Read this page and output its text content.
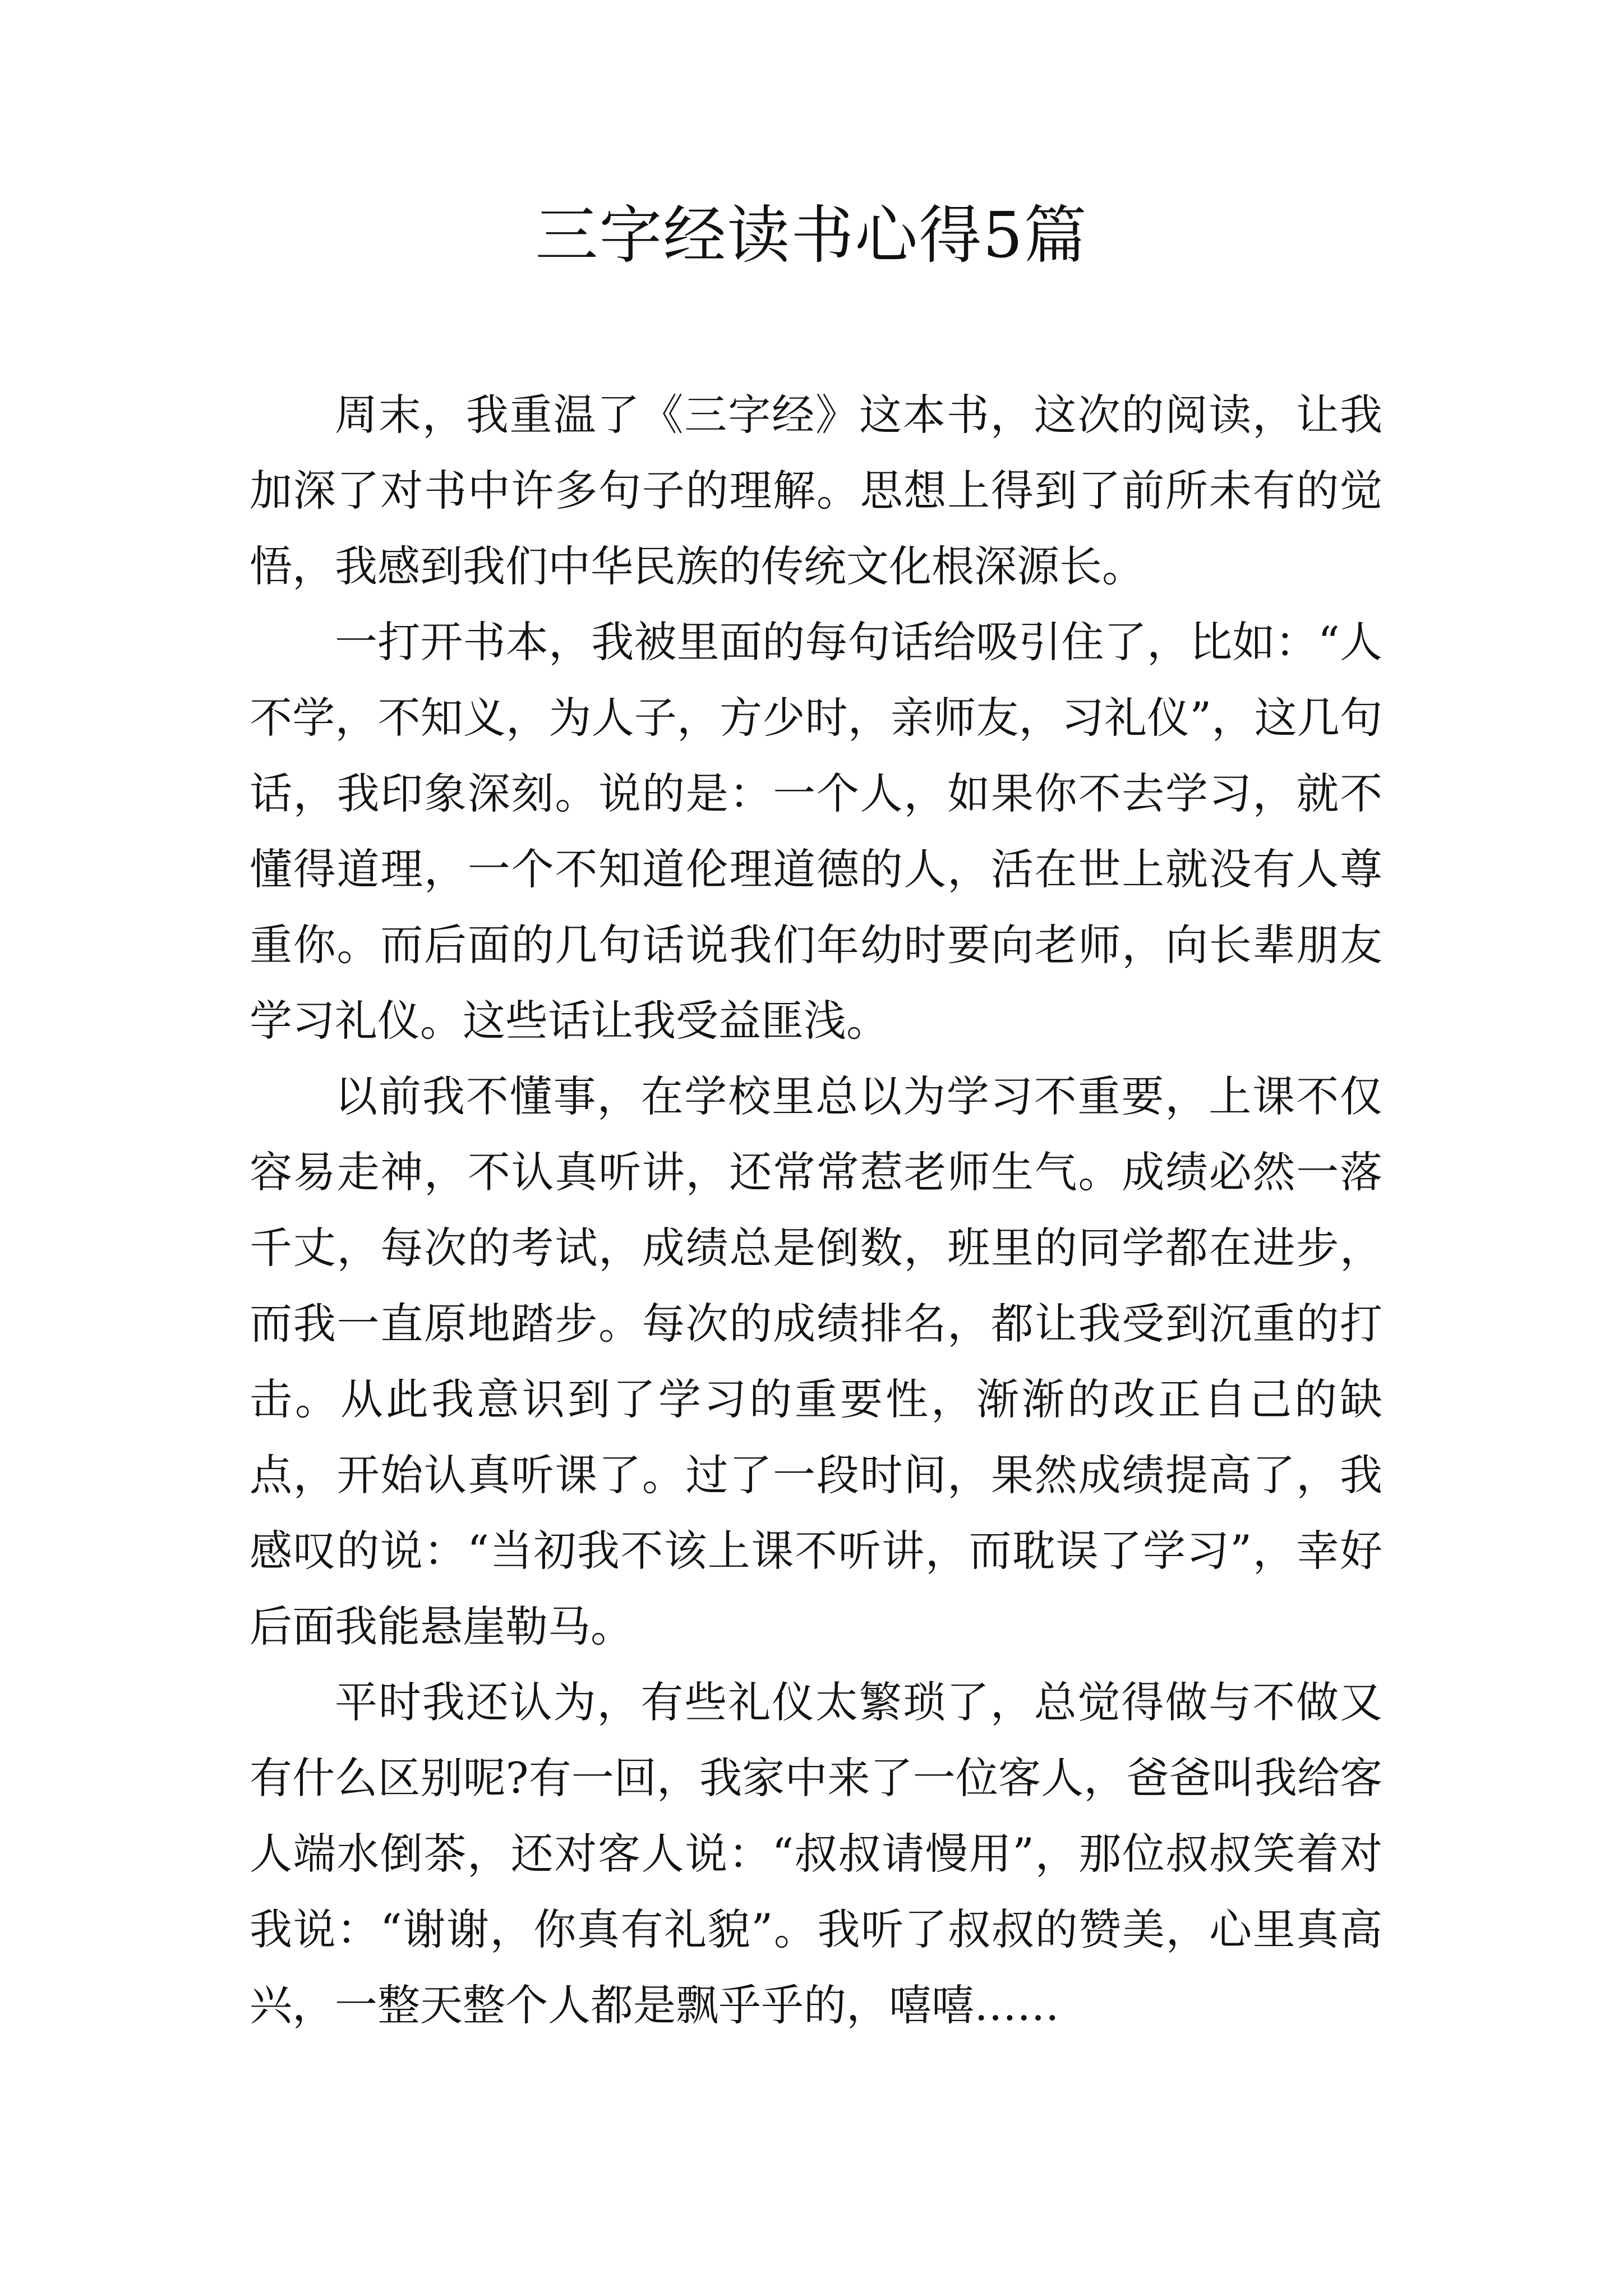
三字经读书心得5篇

周末，我重温了《三字经》这本书，这次的阅读，让我加深了对书中许多句子的理解。思想上得到了前所未有的觉悟，我感到我们中华民族的传统文化根深源长。

一打开书本，我被里面的每句话给吸引住了，比如：“人不学，不知义，为人子，方少时，亲师友，习礼仪”，这几句话，我印象深刻。说的是：一个人，如果你不去学习，就不懂得道理，一个不知道伦理道德的人，活在世上就没有人尊重你。而后面的几句话说我们年幼时要向老师，向长辈朋友学习礼仪。这些话让我受益匪浅。

以前我不懂事，在学校里总以为学习不重要，上课不仅容易走神，不认真听讲，还常常惹老师生气。成绩必然一落千丈，每次的考试，成绩总是倒数，班里的同学都在进步，而我一直原地踏步。每次的成绩排名，都让我受到沉重的打击。从此我意识到了学习的重要性，渐渐的改正自己的缺点，开始认真听课了。过了一段时间，果然成绩提高了，我感叹的说：“当初我不该上课不听讲，而耽误了学习”，幸好后面我能悬崖勒马。

平时我还认为，有些礼仪太繁琐了，总觉得做与不做又有什么区别呢?有一回，我家中来了一位客人，爸爸叫我给客人端水倒茶，还对客人说：“叔叔请慢用”，那位叔叔笑着对我说：“谢谢，你真有礼貌”。我听了叔叔的赞美，心里真高兴，一整天整个人都是飘乎乎的，嘻嘻……
